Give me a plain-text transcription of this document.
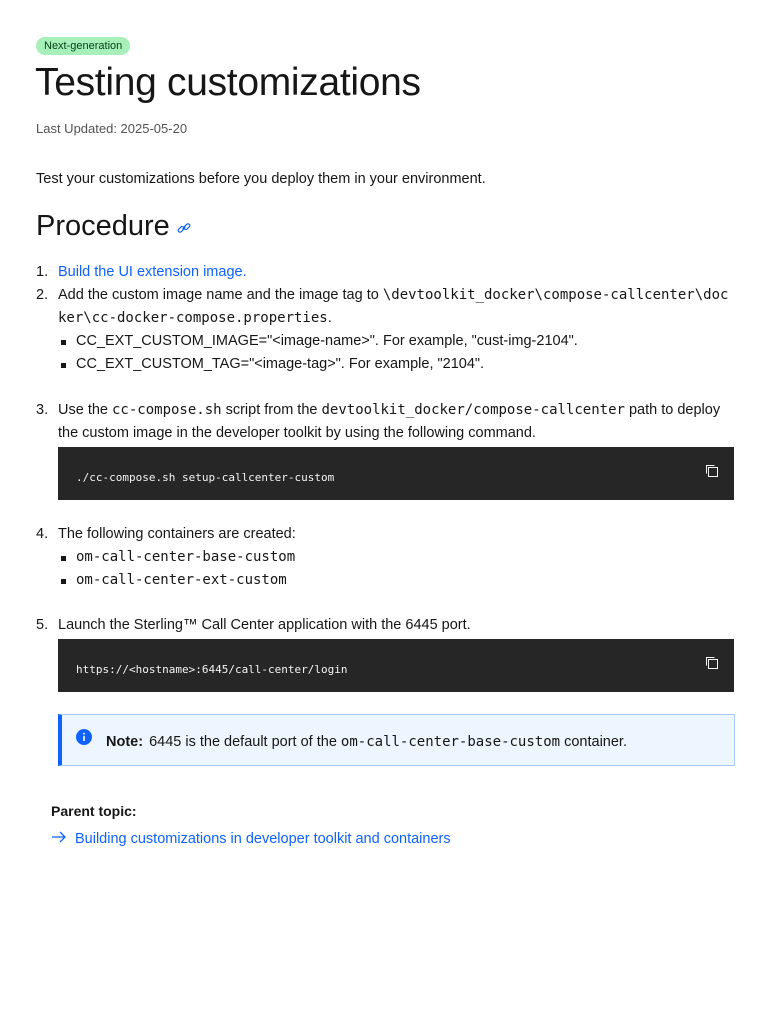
Next-generation
Testing customizations
Last Updated: 2025-05-20

Test your customizations before you deploy them in your environment.

Procedure
1. Build the UI extension image.
2. Add the custom image name and the image tag to \devtoolkit_docker\compose-callcenter\docker\cc-docker-compose.properties.
CC_EXT_CUSTOM_IMAGE="<image-name>". For example, "cust-img-2104".
CC_EXT_CUSTOM_TAG="<image-tag>". For example, "2104".
3. Use the cc-compose.sh script from the devtoolkit_docker/compose-callcenter path to deploy the custom image in the developer toolkit by using the following command.
./cc-compose.sh setup-callcenter-custom
4. The following containers are created:
om-call-center-base-custom
om-call-center-ext-custom
5. Launch the Sterling™ Call Center application with the 6445 port.
https://<hostname>:6445/call-center/login
Note: 6445 is the default port of the om-call-center-base-custom container.
Parent topic:
Building customizations in developer toolkit and containers
